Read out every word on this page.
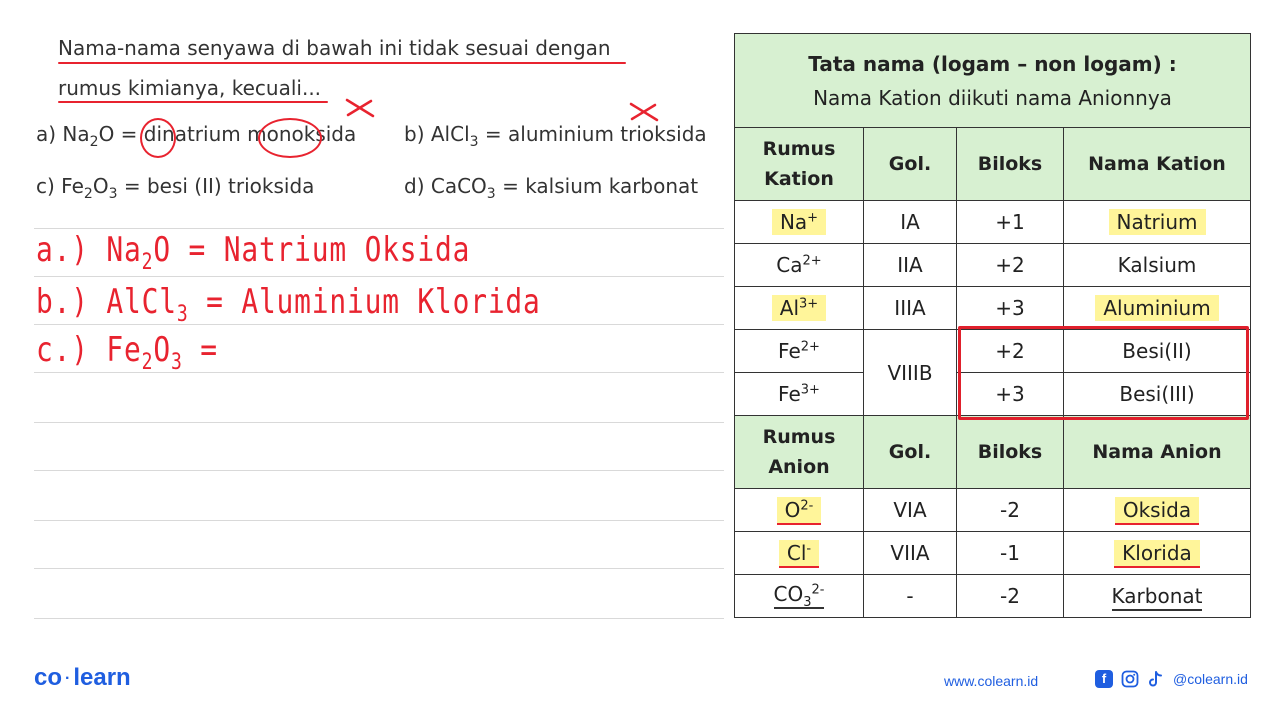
Nama-nama senyawa di bawah ini tidak sesuai dengan
rumus kimianya, kecuali...
a) $Na_2O$ = dinatrium monoksida b) AlCl$_3$ = aluminium trioksida
c) $Fe_2O_3$ = besi (II) trioksida	d) CaCO$_3$ = kalsium karbonat
a.) $Na_2O$ = Natrium Oksida
b.) AlCl$_3$ = Aluminium Klorida
c.) $Fe_2O_3$ =
Tata nama (logam – non logam) :
Nama Kation diikuti nama Anionnya			

Rumus
Kation	Gol.	Biloks	Nama Kation
Na+	IA	+1	Natrium
$Ca^{2+}$	IIA	+2	Kalsium
$Al^{3+}$	IIIA	+3	Aluminium
$Fe^{2+}$	VIIIB	+2	Besi(II)
$Fe^{3+}$		+3	Besi(III)

Rumus
Anion	Gol.	Biloks	Nama Anion
$O^{2-}$	VIA	-2	Oksida
Cl-	VIIA	-1	Klorida
$CO_3^{2-}$	-	-2	Karbonat
co · learn	www.colearn.id	f	@colearn.id
